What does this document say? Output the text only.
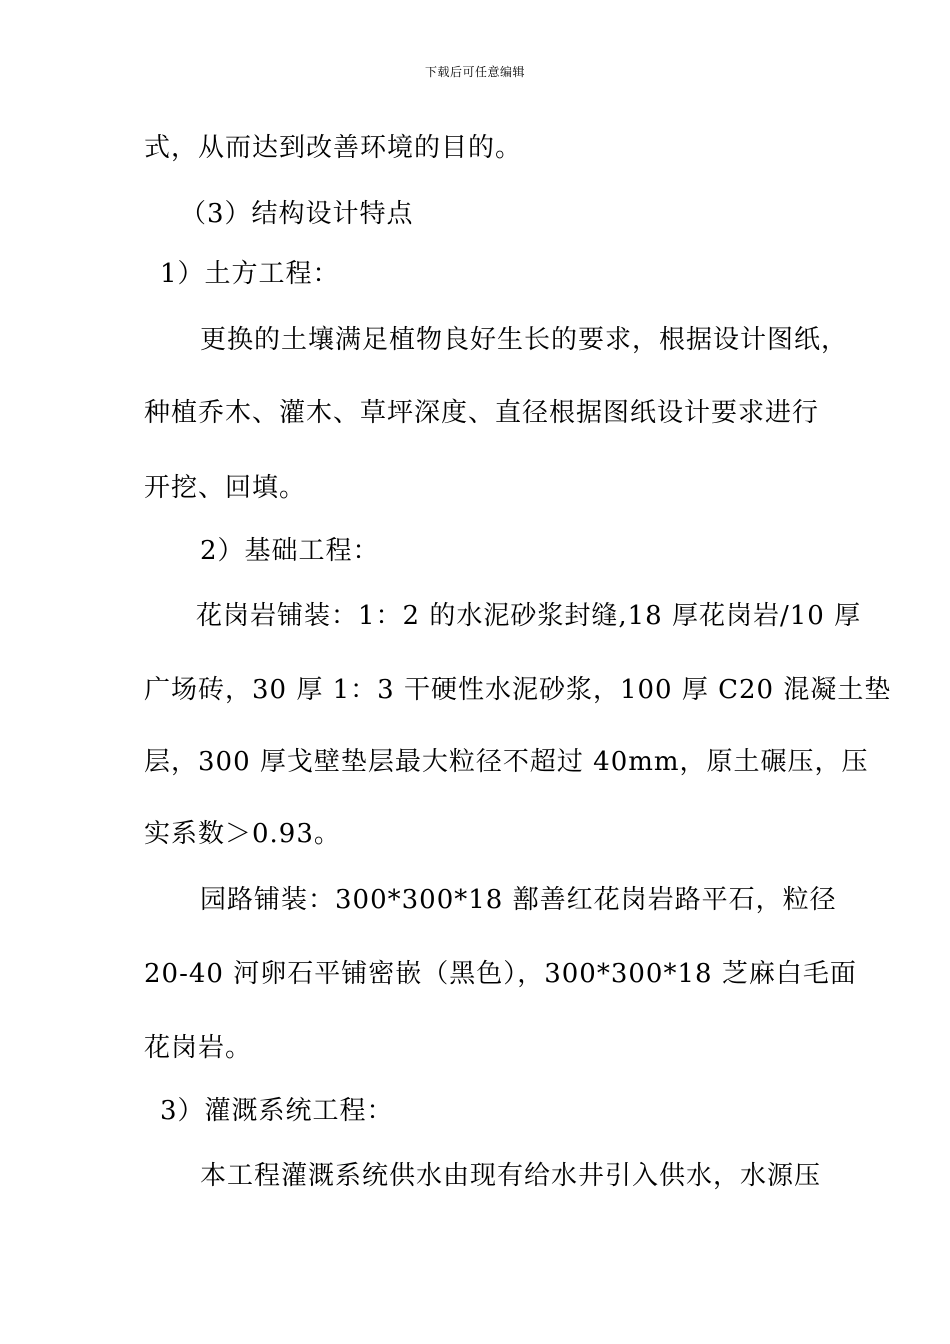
下载后可任意编辑
式，从而达到改善环境的目的。
（3）结构设计特点
1）土方工程：
更换的土壤满足植物良好生长的要求，根据设计图纸，
种植乔木、灌木、草坪深度、直径根据图纸设计要求进行
开挖、回填。
2）基础工程：
花岗岩铺装：1：2 的水泥砂浆封缝,18 厚花岗岩/10 厚
广场砖，30 厚 1：3 干硬性水泥砂浆，100 厚 C20 混凝土垫
层，300 厚戈壁垫层最大粒径不超过 40mm，原土碾压，压
实系数＞0.93。
园路铺装：300*300*18 鄯善红花岗岩路平石，粒径
20-40 河卵石平铺密嵌（黑色），300*300*18 芝麻白毛面
花岗岩。
3）灌溉系统工程：
本工程灌溉系统供水由现有给水井引入供水，水源压
